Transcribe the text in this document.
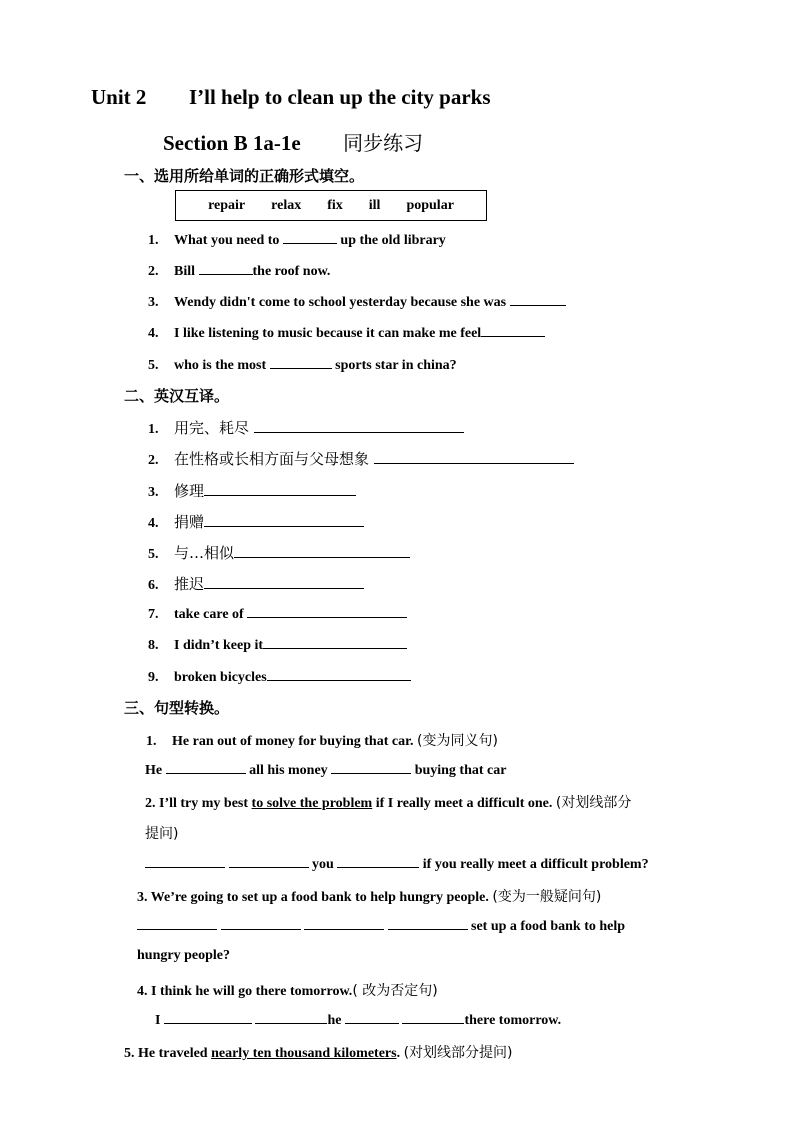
Unit 2 I’ll help to clean up the city parks
Section B 1a-1e 同步练习
一、选用所给单词的正确形式填空。
repair relax fix ill popular
1. What you need to	up the old library
2. Bill	the roof now.
3. Wendy didn't come to school yesterday because she was
4. I like listening to music because it can make me feel
5. who is the most	sports star in china?
二、英汉互译。
1. 用完、耗尽
2. 在性格或长相方面与父母想象
3. 修理
4. 捐赠
5. 与…相似
6. 推迟
7. take care of
8. I didn’t keep it
9. broken bicycles
三、句型转换。
1. He ran out of money for buying that car. (变为同义句)
He	all his money	buying that car
2. I’ll try my best to solve the problem if I really meet a difficult one. (对划线部分
提问)
you	if you really meet a difficult problem?
3. We’re going to set up a food bank to help hungry people. (变为一般疑问句)
set up a food bank to help
hungry people?
4. I think he will go there tomorrow.( 改为否定句)
I	he	there tomorrow.
5. He traveled nearly ten thousand kilometers. (对划线部分提问)
